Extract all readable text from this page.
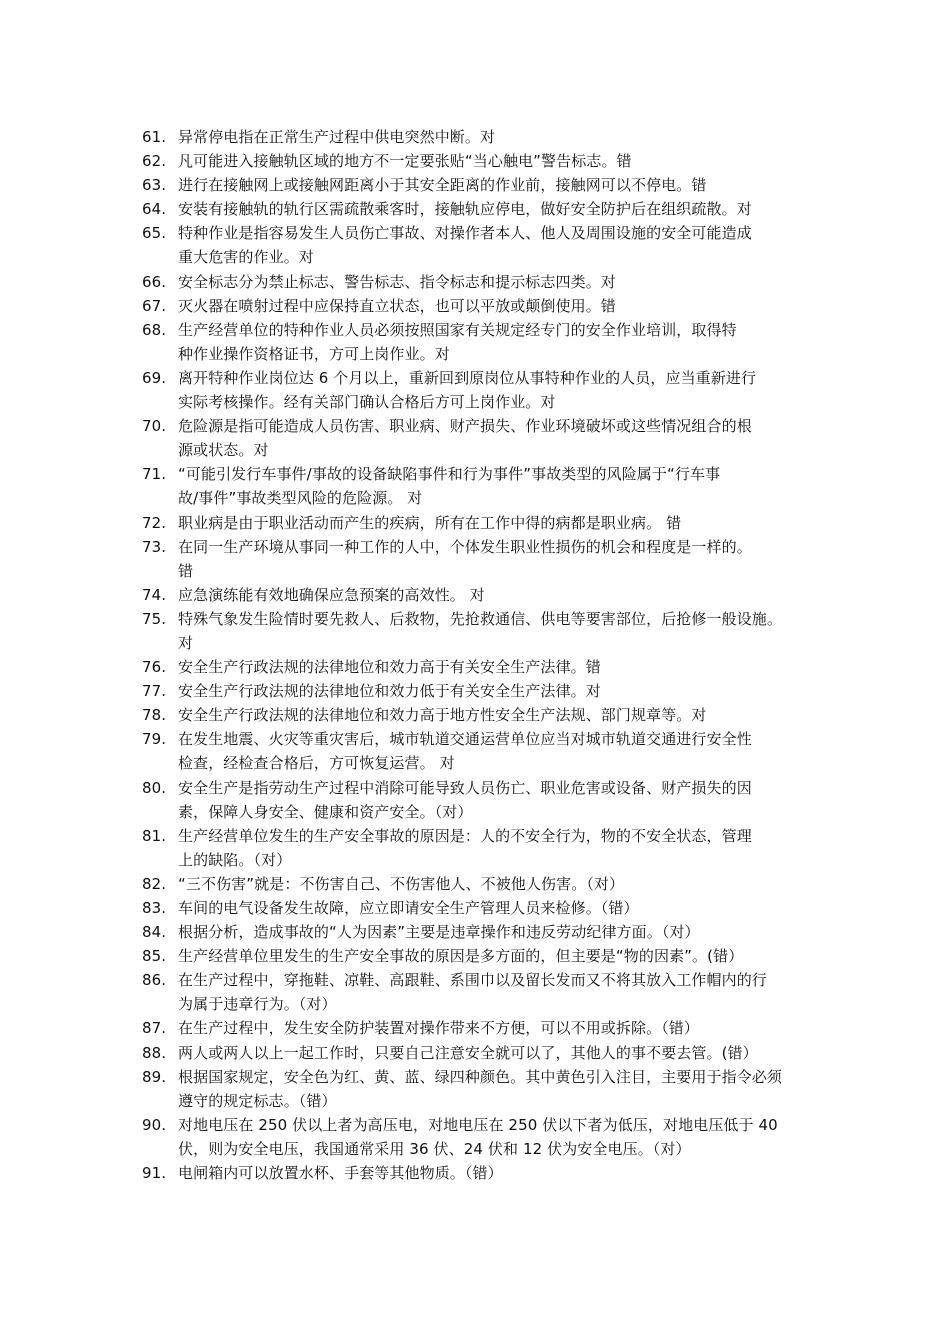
61. 异常停电指在正常生产过程中供电突然中断。对
62. 凡可能进入接触轨区域的地方不一定要张贴“当心触电”警告标志。错
63. 进行在接触网上或接触网距离小于其安全距离的作业前，接触网可以不停电。错
64. 安装有接触轨的轨行区需疏散乘客时，接触轨应停电，做好安全防护后在组织疏散。对
65. 特种作业是指容易发生人员伤亡事故、对操作者本人、他人及周围设施的安全可能造成
重大危害的作业。对
66. 安全标志分为禁止标志、警告标志、指令标志和提示标志四类。对
67. 灭火器在喷射过程中应保持直立状态，也可以平放或颠倒使用。错
68. 生产经营单位的特种作业人员必须按照国家有关规定经专门的安全作业培训，取得特
种作业操作资格证书，方可上岗作业。对
69. 离开特种作业岗位达 6 个月以上，重新回到原岗位从事特种作业的人员，应当重新进行
实际考核操作。经有关部门确认合格后方可上岗作业。对
70. 危险源是指可能造成人员伤害、职业病、财产损失、作业环境破坏或这些情况组合的根
源或状态。对
71. “可能引发行车事件/事故的设备缺陷事件和行为事件”事故类型的风险属于“行车事
故/事件”事故类型风险的危险源。 对
72. 职业病是由于职业活动而产生的疾病，所有在工作中得的病都是职业病。 错
73. 在同一生产环境从事同一种工作的人中，个体发生职业性损伤的机会和程度是一样的。
错
74. 应急演练能有效地确保应急预案的高效性。 对
75. 特殊气象发生险情时要先救人、后救物，先抢救通信、供电等要害部位，后抢修一般设施。
对
76. 安全生产行政法规的法律地位和效力高于有关安全生产法律。错
77. 安全生产行政法规的法律地位和效力低于有关安全生产法律。对
78. 安全生产行政法规的法律地位和效力高于地方性安全生产法规、部门规章等。对
79. 在发生地震、火灾等重灾害后，城市轨道交通运营单位应当对城市轨道交通进行安全性
检查，经检查合格后，方可恢复运营。 对
80. 安全生产是指劳动生产过程中消除可能导致人员伤亡、职业危害或设备、财产损失的因
素，保障人身安全、健康和资产安全。（对）
81. 生产经营单位发生的生产安全事故的原因是：人的不安全行为，物的不安全状态，管理
上的缺陷。（对）
82. “三不伤害”就是：不伤害自己、不伤害他人、不被他人伤害。（对）
83. 车间的电气设备发生故障，应立即请安全生产管理人员来检修。（错）
84. 根据分析，造成事故的“人为因素”主要是违章操作和违反劳动纪律方面。（对）
85. 生产经营单位里发生的生产安全事故的原因是多方面的，但主要是“物的因素”。(错）
86. 在生产过程中，穿拖鞋、凉鞋、高跟鞋、系围巾以及留长发而又不将其放入工作帽内的行
为属于违章行为。（对）
87. 在生产过程中，发生安全防护装置对操作带来不方便，可以不用或拆除。（错）
88. 两人或两人以上一起工作时，只要自己注意安全就可以了，其他人的事不要去管。(错）
89. 根据国家规定，安全色为红、黄、蓝、绿四种颜色。其中黄色引入注目，主要用于指令必须
遵守的规定标志。（错）
90. 对地电压在 250 伏以上者为高压电，对地电压在 250 伏以下者为低压，对地电压低于 40
伏，则为安全电压，我国通常采用 36 伏、24 伏和 12 伏为安全电压。（对）
91. 电闸箱内可以放置水杯、手套等其他物质。（错）
